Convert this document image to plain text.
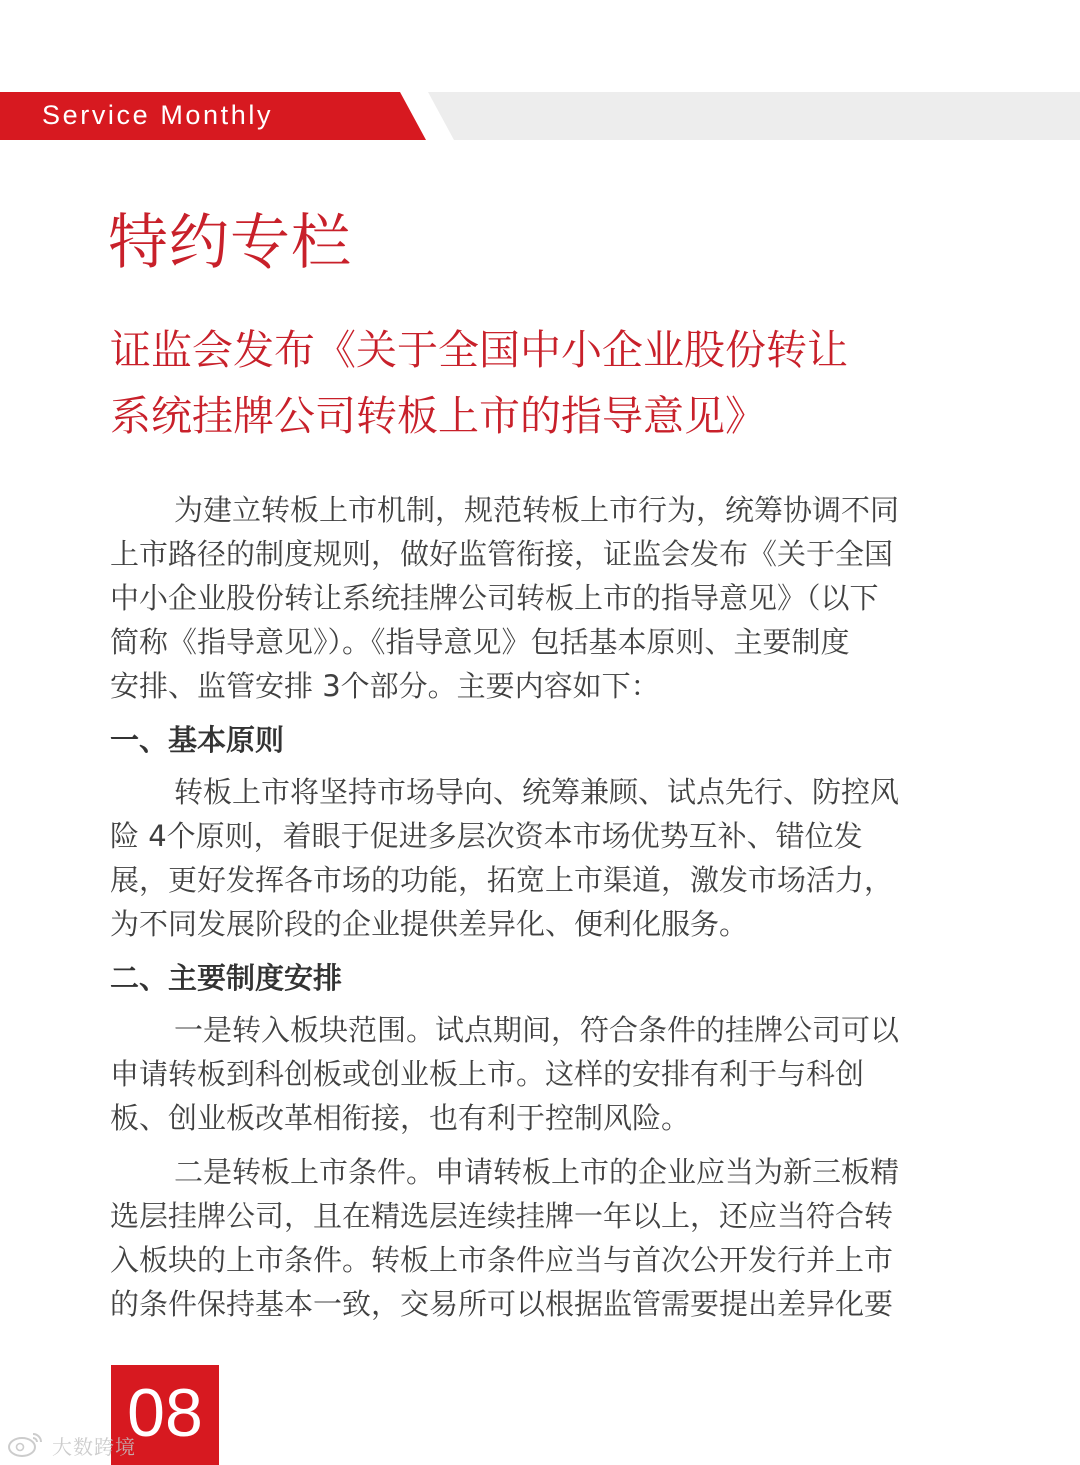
Service Monthly
特约专栏
证监会发布《关于全国中小企业股份转让
系统挂牌公司转板上市的指导意见》

为建立转板上市机制，规范转板上市行为，统筹协调不同
上市路径的制度规则，做好监管衔接，证监会发布《关于全国
中小企业股份转让系统挂牌公司转板上市的指导意见》（以下
简称《指导意见》）。《指导意见》包括基本原则、主要制度
安排、监管安排 3个部分。主要内容如下：

一、基本原则

转板上市将坚持市场导向、统筹兼顾、试点先行、防控风
险 4个原则，着眼于促进多层次资本市场优势互补、错位发
展，更好发挥各市场的功能，拓宽上市渠道，激发市场活力，
为不同发展阶段的企业提供差异化、便利化服务。

二、主要制度安排

一是转入板块范围。试点期间，符合条件的挂牌公司可以
申请转板到科创板或创业板上市。这样的安排有利于与科创
板、创业板改革相衔接，也有利于控制风险。

二是转板上市条件。申请转板上市的企业应当为新三板精
选层挂牌公司，且在精选层连续挂牌一年以上，还应当符合转
入板块的上市条件。转板上市条件应当与首次公开发行并上市
的条件保持基本一致，交易所可以根据监管需要提出差异化要

08
大数跨境
